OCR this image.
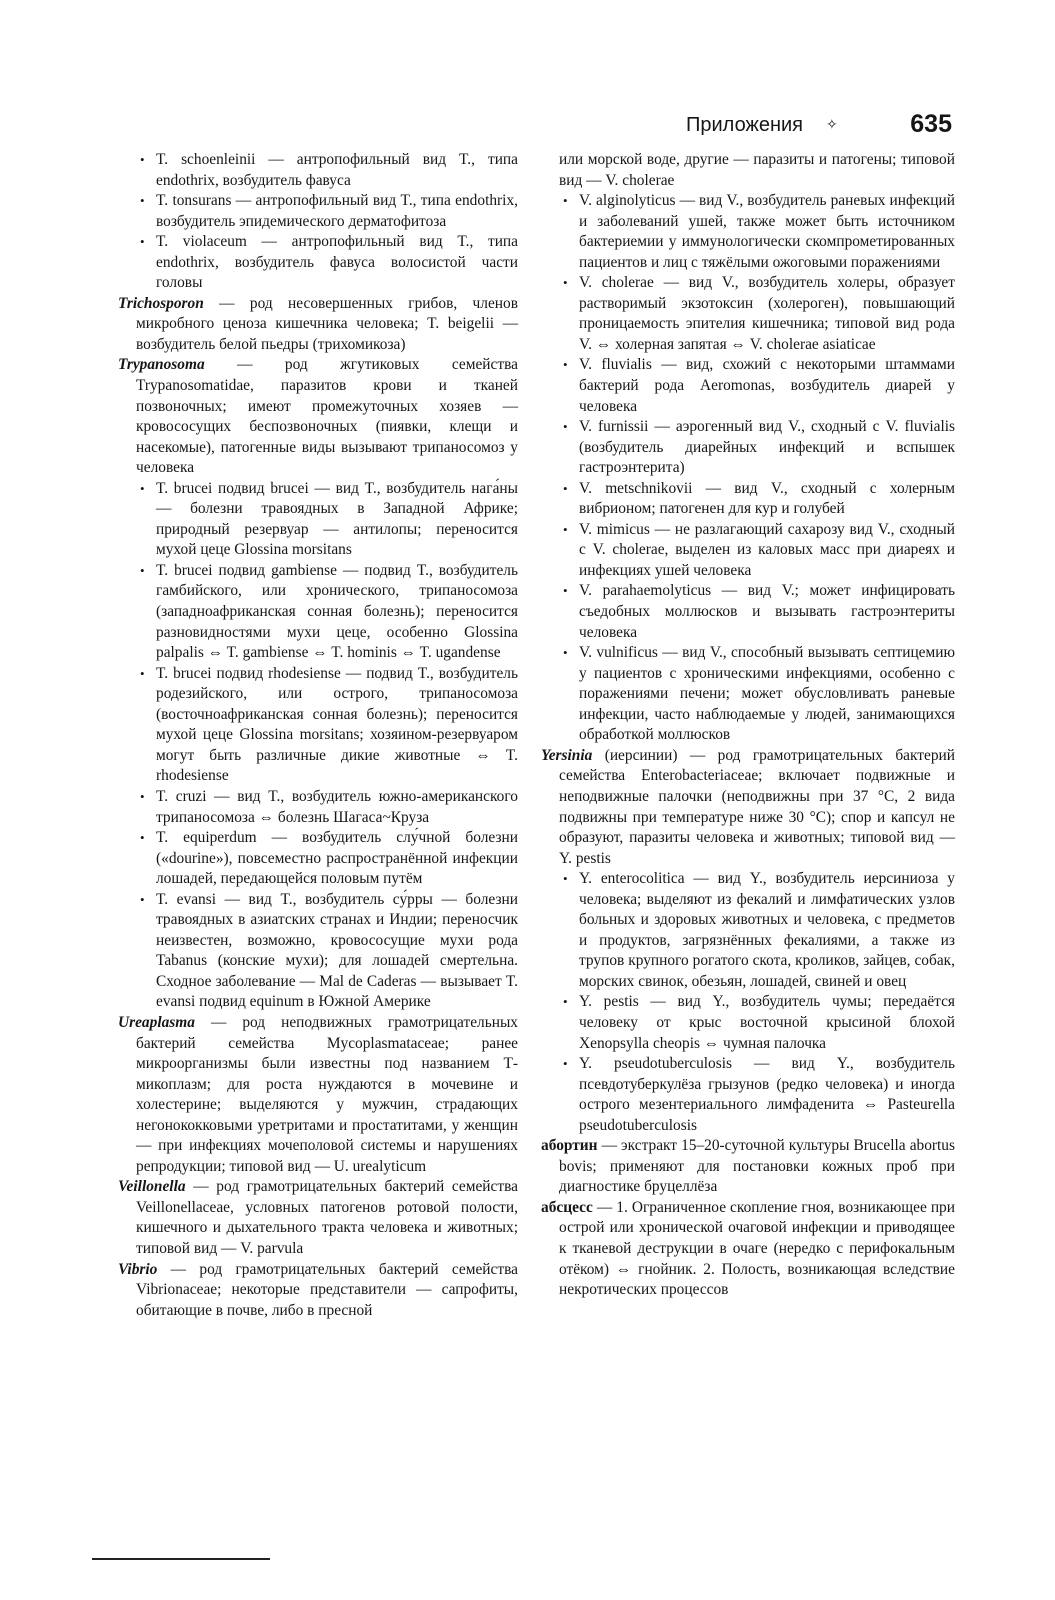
Приложения ✧	635

• T. schoenleinii — антропофильный вид T., типа endothrix, возбудитель фавуса

• T. tonsurans — антропофильный вид T., типа endothrix, возбудитель эпидемического дерматофитоза

• T. violaceum — антропофильный вид T., типа endothrix, возбудитель фавуса волосистой части головы

Trichosporon — род несовершенных грибов, членов микробного ценоза кишечника человека; T. beigelii — возбудитель белой пьедры (трихомикоза)

Trypanosoma — род жгутиковых семейства Trypanosomatidae, паразитов крови и тканей позвоночных; имеют промежуточных хозяев — кровососущих беспозвоночных (пиявки, клещи и насекомые), патогенные виды вызывают трипаносомоз у человека

• T. brucei подвид brucei — вид T., возбудитель нага́ны — болезни травоядных в Западной Африке; природный резервуар — антилопы; переносится мухой цеце Glossina morsitans

• T. brucei подвид gambiense — подвид T., возбудитель гамбийского, или хронического, трипаносомоза (западноафриканская сонная болезнь); переносится разновидностями мухи цеце, особенно Glossina palpalis ⇔ T. gambiense ⇔ T. hominis ⇔ T. ugandense

• T. brucei подвид rhodesiense — подвид T., возбудитель родезийского, или острого, трипаносомоза (восточноафриканская сонная болезнь); переносится мухой цеце Glossina morsitans; хозяином-резервуаром могут быть различные дикие животные ⇔ T. rhodesiense

• T. cruzi — вид T., возбудитель южно-американского трипаносомоза ⇔ болезнь Шагаса~Круза

• T. equiperdum — возбудитель слу́чной болезни («dourine»), повсеместно распространённой инфекции лошадей, передающейся половым путём

• T. evansi — вид T., возбудитель су́рры — болезни травоядных в азиатских странах и Индии; переносчик неизвестен, возможно, кровососущие мухи рода Tabanus (конские мухи); для лошадей смертельна. Сходное заболевание — Mal de Caderas — вызывает T. evansi подвид equinum в Южной Америке

Ureaplasma — род неподвижных грамотрицательных бактерий семейства Mycoplasmataceae; ранее микроорганизмы были известны под названием Т-микоплазм; для роста нуждаются в мочевине и холестерине; выделяются у мужчин, страдающих негонококковыми уретритами и простатитами, у женщин — при инфекциях мочеполовой системы и нарушениях репродукции; типовой вид — U. urealyticum

Veillonella — род грамотрицательных бактерий семейства Veillonellaceae, условных патогенов ротовой полости, кишечного и дыхательного тракта человека и животных; типовой вид — V. parvula

Vibrio — род грамотрицательных бактерий семейства Vibrionaceae; некоторые представители — сапрофиты, обитающие в почве, либо в пресной

или морской воде, другие — паразиты и патогены; типовой вид — V. cholerae

• V. alginolyticus — вид V., возбудитель раневых инфекций и заболеваний ушей, также может быть источником бактериемии у иммунологически скомпрометированных пациентов и лиц с тяжёлыми ожоговыми поражениями

• V. cholerae — вид V., возбудитель холеры, образует растворимый экзотоксин (холероген), повышающий проницаемость эпителия кишечника; типовой вид рода V. ⇔ холерная запятая ⇔ V. cholerae asiaticae

• V. fluvialis — вид, схожий с некоторыми штаммами бактерий рода Aeromonas, возбудитель диарей у человека

• V. furnissii — аэрогенный вид V., сходный с V. fluvialis (возбудитель диарейных инфекций и вспышек гастроэнтерита)

• V. metschnikovii — вид V., сходный с холерным вибрионом; патогенен для кур и голубей

• V. mimicus — не разлагающий сахарозу вид V., сходный с V. cholerae, выделен из каловых масс при диареях и инфекциях ушей человека

• V. parahaemolyticus — вид V.; может инфицировать съедобных моллюсков и вызывать гастроэнтериты человека

• V. vulnificus — вид V., способный вызывать септицемию у пациентов с хроническими инфекциями, особенно с поражениями печени; может обусловливать раневые инфекции, часто наблюдаемые у людей, занимающихся обработкой моллюсков

Yersinia (иерсинии) — род грамотрицательных бактерий семейства Enterobacteriaceae; включает подвижные и неподвижные палочки (неподвижны при 37 °С, 2 вида подвижны при температуре ниже 30 °С); спор и капсул не образуют, паразиты человека и животных; типовой вид — Y. pestis

• Y. enterocolitica — вид Y., возбудитель иерсиниоза у человека; выделяют из фекалий и лимфатических узлов больных и здоровых животных и человека, с предметов и продуктов, загрязнённых фекалиями, а также из трупов крупного рогатого скота, кроликов, зайцев, собак, морских свинок, обезьян, лошадей, свиней и овец

• Y. pestis — вид Y., возбудитель чумы; передаётся человеку от крыс восточной крысиной блохой Xenopsylla cheopis ⇔ чумная палочка

• Y. pseudotuberculosis — вид Y., возбудитель псевдотуберкулёза грызунов (редко человека) и иногда острого мезентериального лимфаденита ⇔ Pasteurella pseudotuberculosis

абортин — экстракт 15–20-суточной культуры Brucella abortus bovis; применяют для постановки кожных проб при диагностике бруцеллёза

абсцесс — 1. Ограниченное скопление гноя, возникающее при острой или хронической очаговой инфекции и приводящее к тканевой деструкции в очаге (нередко с перифокальным отёком) ⇔ гнойник. 2. Полость, возникающая вследствие некротических процессов
